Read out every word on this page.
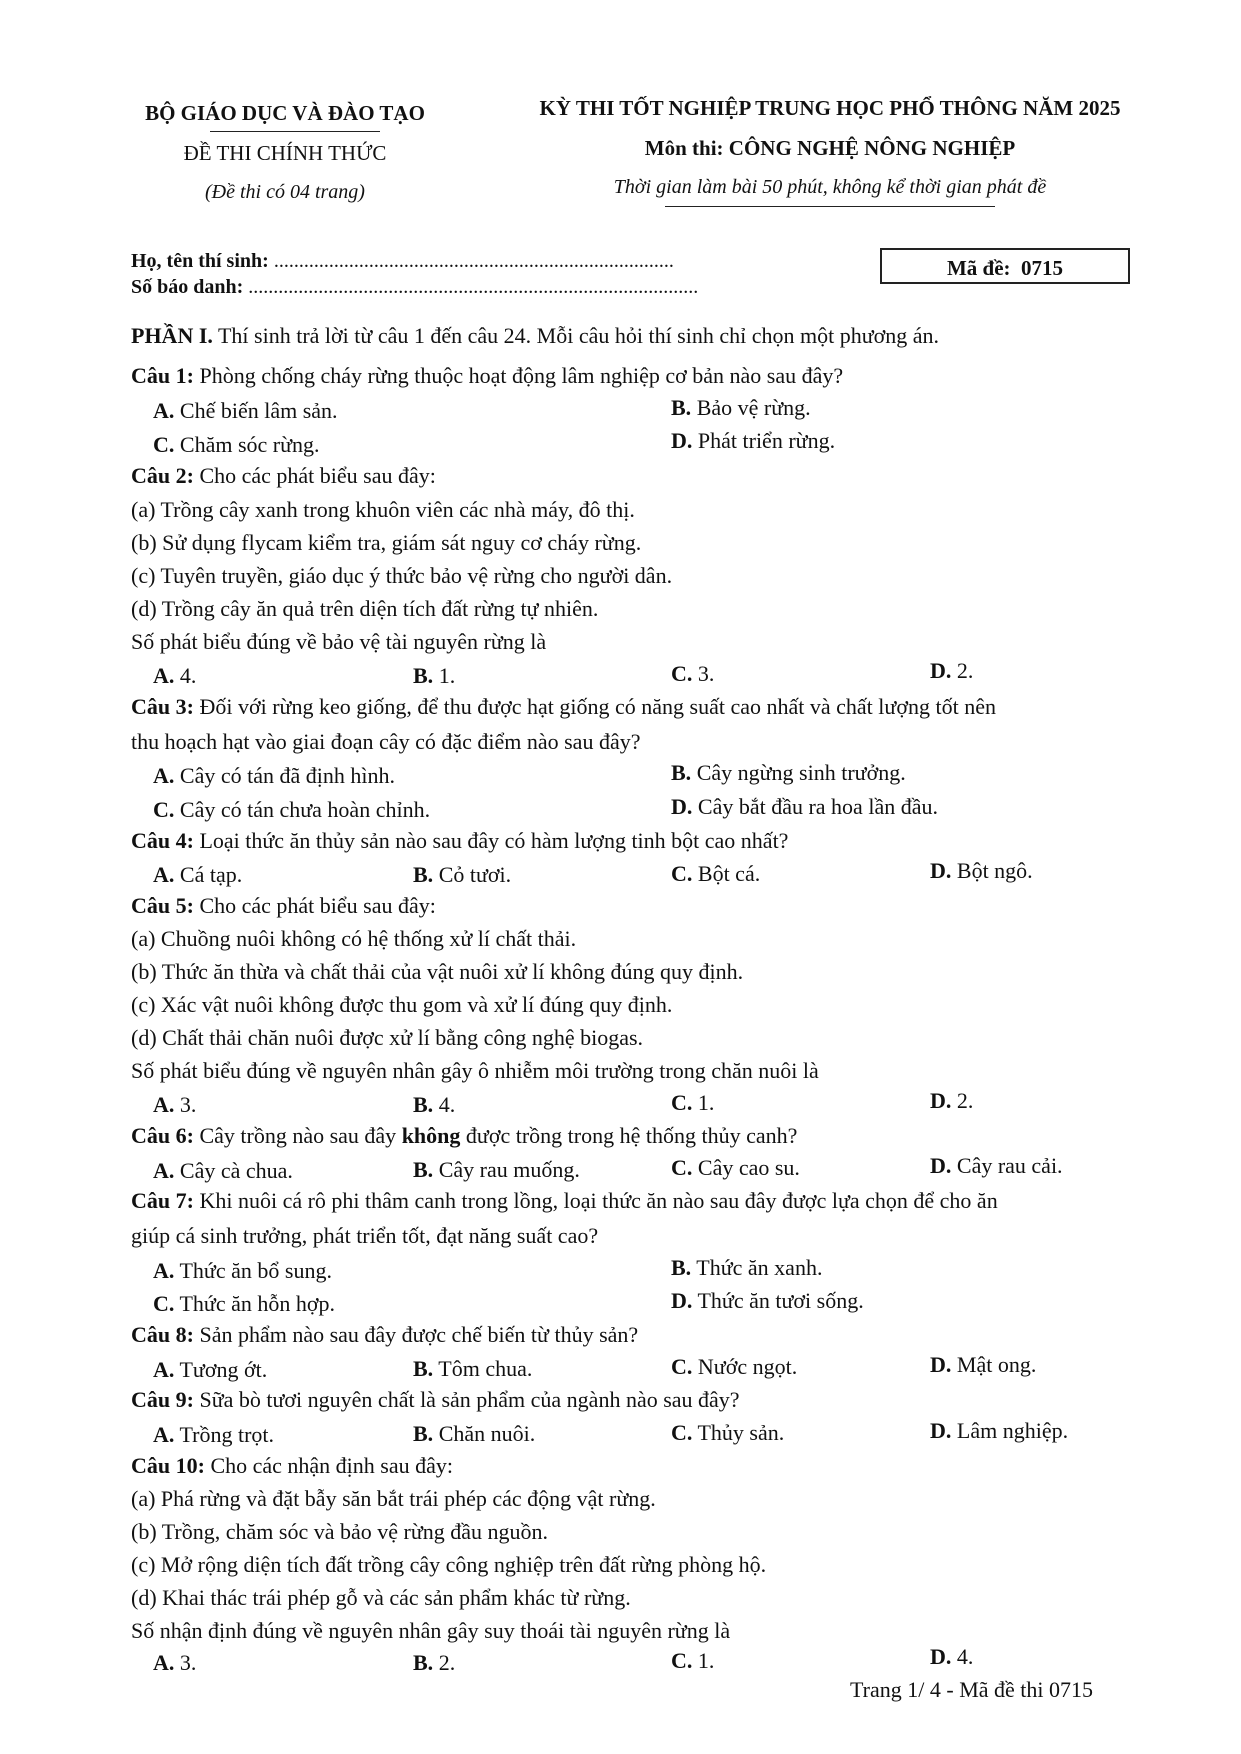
BỘ GIÁO DỤC VÀ ĐÀO TẠO
ĐỀ THI CHÍNH THỨC
(Đề thi có 04 trang)
KỲ THI TỐT NGHIỆP TRUNG HỌC PHỔ THÔNG NĂM 2025
Môn thi: CÔNG NGHỆ NÔNG NGHIỆP
Thời gian làm bài 50 phút, không kể thời gian phát đề
Họ, tên thí sinh: ................................................................................
Số báo danh: ..........................................................................................
Mã đề: 0715
PHẦN I. Thí sinh trả lời từ câu 1 đến câu 24. Mỗi câu hỏi thí sinh chỉ chọn một phương án.
Câu 1: Phòng chống cháy rừng thuộc hoạt động lâm nghiệp cơ bản nào sau đây?
A. Chế biến lâm sản.	B. Bảo vệ rừng.
C. Chăm sóc rừng.	D. Phát triển rừng.
Câu 2: Cho các phát biểu sau đây:
(a) Trồng cây xanh trong khuôn viên các nhà máy, đô thị.
(b) Sử dụng flycam kiểm tra, giám sát nguy cơ cháy rừng.
(c) Tuyên truyền, giáo dục ý thức bảo vệ rừng cho người dân.
(d) Trồng cây ăn quả trên diện tích đất rừng tự nhiên.
Số phát biểu đúng về bảo vệ tài nguyên rừng là
A. 4.	B. 1.	C. 3.	D. 2.
Câu 3: Đối với rừng keo giống, để thu được hạt giống có năng suất cao nhất và chất lượng tốt nên
thu hoạch hạt vào giai đoạn cây có đặc điểm nào sau đây?
A. Cây có tán đã định hình.	B. Cây ngừng sinh trưởng.
C. Cây có tán chưa hoàn chỉnh.	D. Cây bắt đầu ra hoa lần đầu.
Câu 4: Loại thức ăn thủy sản nào sau đây có hàm lượng tinh bột cao nhất?
A. Cá tạp.	B. Cỏ tươi.	C. Bột cá.	D. Bột ngô.
Câu 5: Cho các phát biểu sau đây:
(a) Chuồng nuôi không có hệ thống xử lí chất thải.
(b) Thức ăn thừa và chất thải của vật nuôi xử lí không đúng quy định.
(c) Xác vật nuôi không được thu gom và xử lí đúng quy định.
(d) Chất thải chăn nuôi được xử lí bằng công nghệ biogas.
Số phát biểu đúng về nguyên nhân gây ô nhiễm môi trường trong chăn nuôi là
A. 3.	B. 4.	C. 1.	D. 2.
Câu 6: Cây trồng nào sau đây không được trồng trong hệ thống thủy canh?
A. Cây cà chua.	B. Cây rau muống.	C. Cây cao su.	D. Cây rau cải.
Câu 7: Khi nuôi cá rô phi thâm canh trong lồng, loại thức ăn nào sau đây được lựa chọn để cho ăn
giúp cá sinh trưởng, phát triển tốt, đạt năng suất cao?
A. Thức ăn bổ sung.	B. Thức ăn xanh.
C. Thức ăn hỗn hợp.	D. Thức ăn tươi sống.
Câu 8: Sản phẩm nào sau đây được chế biến từ thủy sản?
A. Tương ớt.	B. Tôm chua.	C. Nước ngọt.	D. Mật ong.
Câu 9: Sữa bò tươi nguyên chất là sản phẩm của ngành nào sau đây?
A. Trồng trọt.	B. Chăn nuôi.	C. Thủy sản.	D. Lâm nghiệp.
Câu 10: Cho các nhận định sau đây:
(a) Phá rừng và đặt bẫy săn bắt trái phép các động vật rừng.
(b) Trồng, chăm sóc và bảo vệ rừng đầu nguồn.
(c) Mở rộng diện tích đất trồng cây công nghiệp trên đất rừng phòng hộ.
(d) Khai thác trái phép gỗ và các sản phẩm khác từ rừng.
Số nhận định đúng về nguyên nhân gây suy thoái tài nguyên rừng là
A. 3.	B. 2.	C. 1.	D. 4.
Trang 1/ 4 - Mã đề thi 0715
